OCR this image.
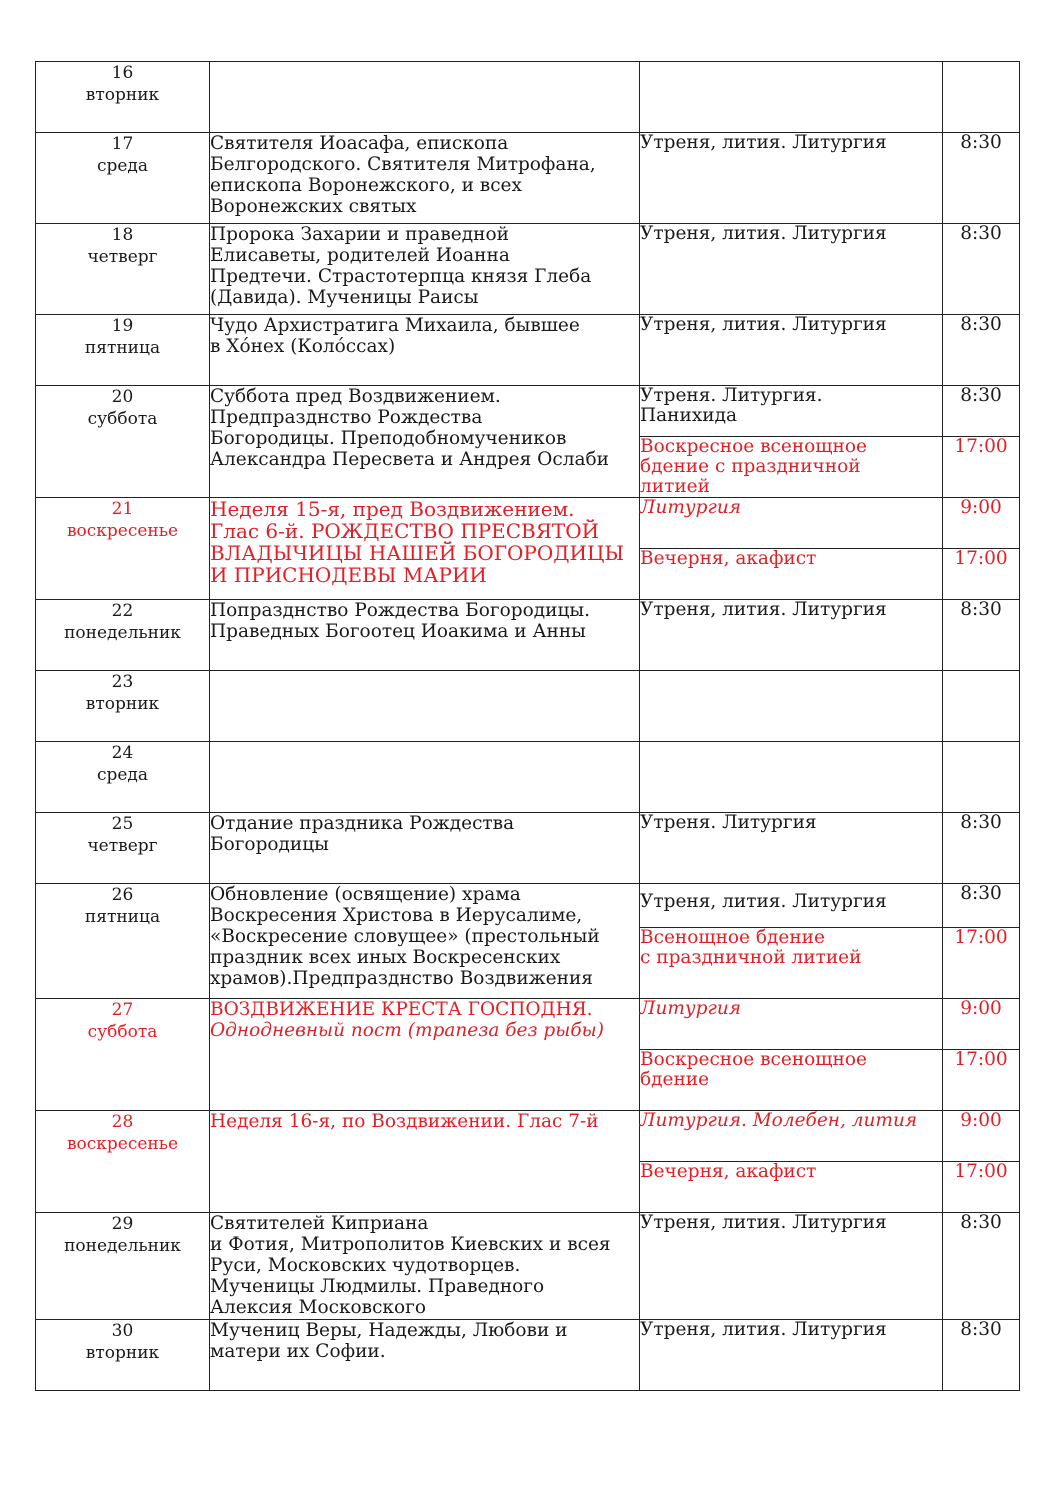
16
вторник			

17
среда	Святителя Иоасафа, епископа
Белгородского. Святителя Митрофана,
епископа Воронежского, и всех
Воронежских святых	Утреня, лития. Литургия	8:30

18
четверг	Пророка Захарии и праведной
Елисаветы, родителей Иоанна
Предтечи. Страстотерпца князя Глеба
(Давида). Мученицы Раисы	Утреня, лития. Литургия	8:30

19
пятница	Чудо Архистратига Михаила, бывшее
в Хо́нех (Коло́ссах)	Утреня, лития. Литургия	8:30

20
суббота	Суббота пред Воздвижением.
Предпразднство Рождества
Богородицы. Преподобномучеников
Александра Пересвета и Андрея Ослаби	Утреня. Литургия.
Панихида	8:30

		Воскресное всенощное
бдение с праздничной
литией	17:00

21
воскресенье	Неделя 15-я, пред Воздвижением.
Глас 6-й. РОЖДЕСТВО ПРЕСВЯТОЙ
ВЛАДЫЧИЦЫ НАШЕЙ БОГОРОДИЦЫ
И ПРИСНОДЕВЫ МАРИИ	Литургия	9:00

		Вечерня, акафист	17:00

22
понедельник	Попразднство Рождества Богородицы.
Праведных Богоотец Иоакима и Анны	Утреня, лития. Литургия	8:30

23
вторник			

24
среда			

25
четверг	Отдание праздника Рождества
Богородицы	Утреня. Литургия	8:30

26
пятница	Обновление (освящение) храма
Воскресения Христова в Иерусалиме,
«Воскресение словущее» (престольный
праздник всех иных Воскресенских
храмов).Предпразднство Воздвижения	Утреня, лития. Литургия	8:30

		Всенощное бдение
с праздничной литией	17:00

27
суббота	ВОЗДВИЖЕНИЕ КРЕСТА ГОСПОДНЯ.
Однодневный пост (трапеза без рыбы)	Литургия	9:00

		Воскресное всенощное
бдение	17:00

28
воскресенье	Неделя 16-я, по Воздвижении. Глас 7-й	Литургия. Молебен, лития	9:00

		Вечерня, акафист	17:00

29
понедельник	Святителей Киприана
и Фотия, Митрополитов Киевских и всея
Руси, Московских чудотворцев.
Мученицы Людмилы. Праведного
Алексия Московского	Утреня, лития. Литургия	8:30

30
вторник	Мучениц Веры, Надежды, Любови и
матери их Софии.	Утреня, лития. Литургия	8:30
